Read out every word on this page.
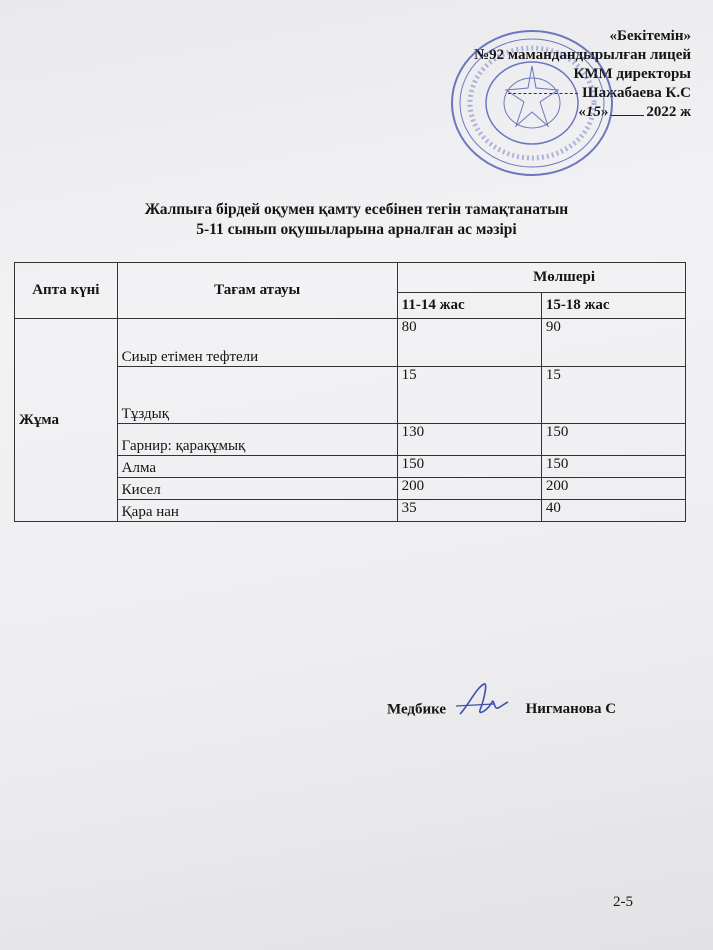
«Бекітемін»
№92 мамандандырылған лицей
КММ директоры
Шажабаева К.С
«15»	2022 ж
Жалпыға бірдей оқумен қамту есебінен тегін тамақтанатын
5-11 сынып оқушыларына арналған ас мәзірі
Апта күні	Тағам атауы	Мөлшері	
		11-14 жас	15-18 жас
Жұма	Сиыр етімен тефтели	80	90
	Тұздық	15	15
	Гарнир: қарақұмық	130	150
	Алма	150	150
	Кисел	200	200
	Қара нан	35	40
Медбике	Нигманова С
2-5
